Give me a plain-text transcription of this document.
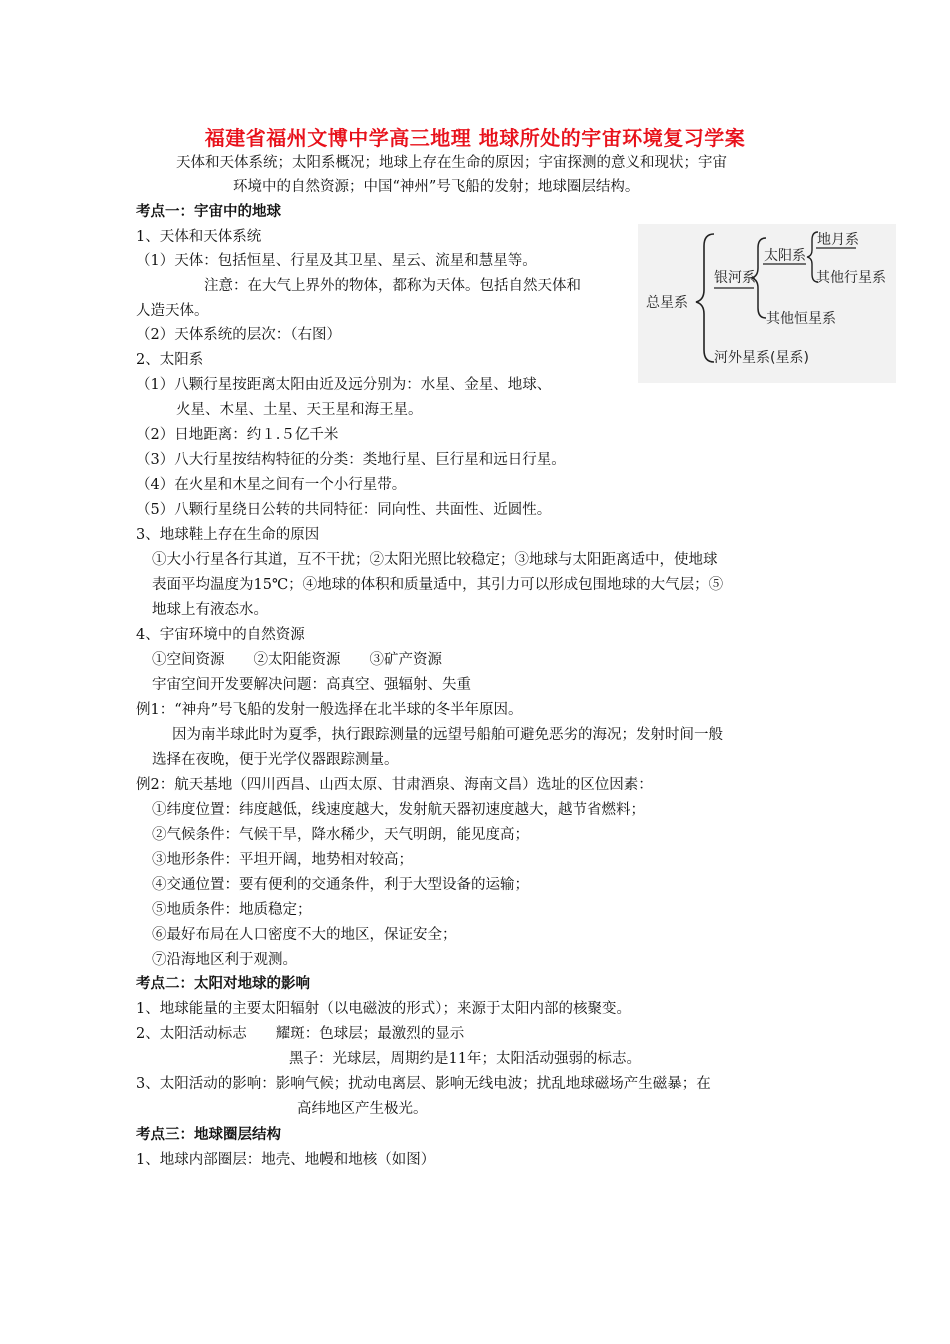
福建省福州文博中学高三地理 地球所处的宇宙环境复习学案
天体和天体系统；太阳系概况；地球上存在生命的原因；宇宙探测的意义和现状；宇宙
环境中的自然资源；中国“神州”号飞船的发射；地球圈层结构。
考点一：宇宙中的地球
1、天体和天体系统
（1）天体：包括恒星、行星及其卫星、星云、流星和慧星等。
注意：在大气上界外的物体，都称为天体。包括自然天体和
人造天体。
（2）天体系统的层次：（右图）
2、太阳系
（1）八颗行星按距离太阳由近及远分别为：水星、金星、地球、
火星、木星、土星、天王星和海王星。
（2）日地距离：约１.５亿千米
（3）八大行星按结构特征的分类：类地行星、巨行星和远日行星。
（4）在火星和木星之间有一个小行星带。
（5）八颗行星绕日公转的共同特征：同向性、共面性、近圆性。
3、地球鞋上存在生命的原因
①大小行星各行其道，互不干扰；②太阳光照比较稳定；③地球与太阳距离适中，使地球
表面平均温度为15℃；④地球的体积和质量适中，其引力可以形成包围地球的大气层；⑤
地球上有液态水。
4、宇宙环境中的自然资源
①空间资源　　②太阳能资源　　③矿产资源
宇宙空间开发要解决问题：高真空、强辐射、失重
例1：“神舟”号飞船的发射一般选择在北半球的冬半年原因。
因为南半球此时为夏季，执行跟踪测量的远望号船舶可避免恶劣的海况；发射时间一般
选择在夜晚，便于光学仪器跟踪测量。
例2：航天基地（四川西昌、山西太原、甘肃酒泉、海南文昌）选址的区位因素：
①纬度位置：纬度越低，线速度越大，发射航天器初速度越大，越节省燃料；
②气候条件：气候干旱，降水稀少，天气明朗，能见度高；
③地形条件：平坦开阔，地势相对较高；
④交通位置：要有便利的交通条件，利于大型设备的运输；
⑤地质条件：地质稳定；
⑥最好布局在人口密度不大的地区，保证安全；
⑦沿海地区利于观测。
考点二：太阳对地球的影响
1、地球能量的主要太阳辐射（以电磁波的形式）；来源于太阳内部的核聚变。
2、太阳活动标志　　耀斑：色球层；最激烈的显示
黑子：光球层，周期约是11年；太阳活动强弱的标志。
3、太阳活动的影响：影响气候；扰动电离层、影响无线电波；扰乱地球磁场产生磁暴；在
高纬地区产生极光。
考点三：地球圈层结构
1、地球内部圈层：地壳、地幔和地核（如图）
总星系
银河系
太阳系
地月系
其他行星系
其他恒星系
河外星系(星系)
